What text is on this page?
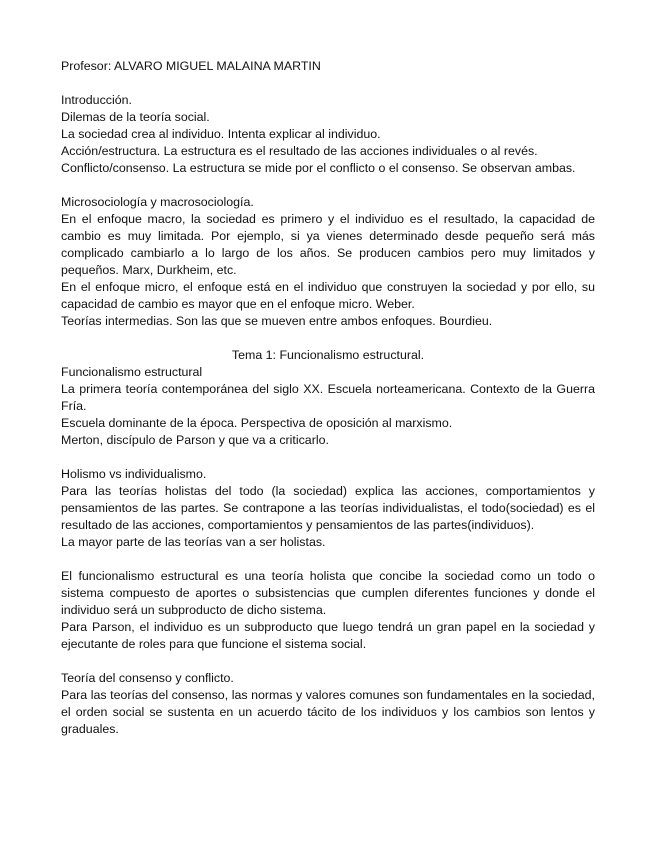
Profesor: ALVARO MIGUEL MALAINA MARTIN
Introducción.
Dilemas de la teoría social.
La sociedad crea al individuo. Intenta explicar al individuo.
Acción/estructura. La estructura es el resultado de las acciones individuales o al revés.
Conflicto/consenso. La estructura se mide por el conflicto o el consenso. Se observan ambas.
Microsociología y macrosociología.
En el enfoque macro, la sociedad es primero y el individuo es el resultado, la capacidad de cambio es muy limitada. Por ejemplo, si ya vienes determinado desde pequeño será más complicado cambiarlo a lo largo de los años. Se producen cambios pero muy limitados y pequeños. Marx, Durkheim, etc.
En el enfoque micro, el enfoque está en el individuo que construyen la sociedad y por ello, su capacidad de cambio es mayor que en el enfoque micro. Weber.
Teorías intermedias. Son las que se mueven entre ambos enfoques. Bourdieu.
Tema 1: Funcionalismo estructural.
Funcionalismo estructural
La primera teoría contemporánea del siglo XX. Escuela norteamericana. Contexto de la Guerra Fría.
Escuela dominante de la época. Perspectiva de oposición al marxismo.
Merton, discípulo de Parson y que va a criticarlo.
Holismo vs individualismo.
Para las teorías holistas del todo (la sociedad) explica las acciones, comportamientos y pensamientos de las partes. Se contrapone a las teorías individualistas, el todo(sociedad) es el resultado de las acciones, comportamientos y pensamientos de las partes(individuos).
La mayor parte de las teorías van a ser holistas.
El funcionalismo estructural es una teoría holista que concibe la sociedad como un todo o sistema compuesto de aportes o subsistencias que cumplen diferentes funciones y donde el individuo será un subproducto de dicho sistema.
Para Parson, el individuo es un subproducto que luego tendrá un gran papel en la sociedad y ejecutante de roles para que funcione el sistema social.
Teoría del consenso y conflicto.
Para las teorías del consenso, las normas y valores comunes son fundamentales en la sociedad, el orden social se sustenta en un acuerdo tácito de los individuos y los cambios son lentos y graduales.
